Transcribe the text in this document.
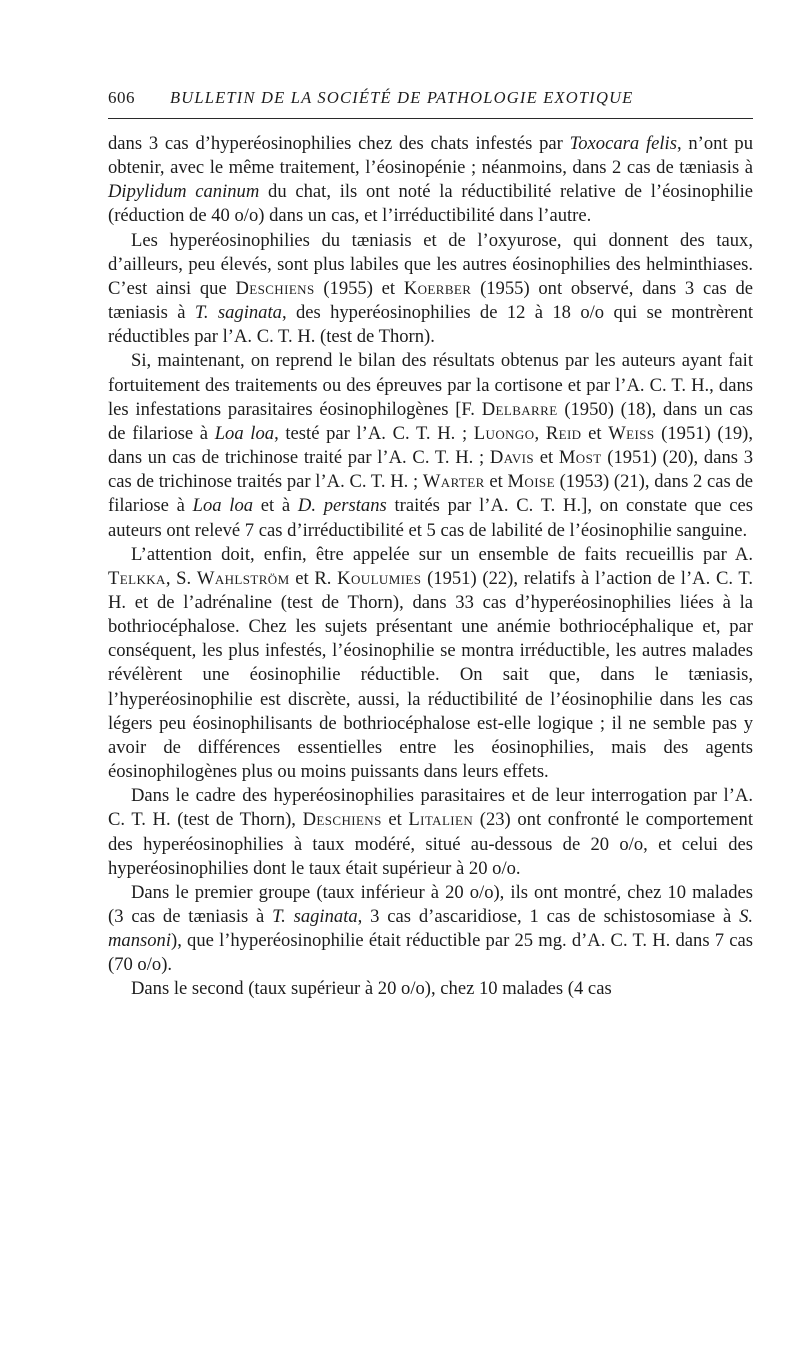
606 BULLETIN DE LA SOCIÉTÉ DE PATHOLOGIE EXOTIQUE

dans 3 cas d’hyperéosinophilies chez des chats infestés par Toxocara felis, n’ont pu obtenir, avec le même traitement, l’éosinopénie ; néanmoins, dans 2 cas de tæniasis à Dipylidum caninum du chat, ils ont noté la réductibilité relative de l’éosinophilie (réduction de 40 o/o) dans un cas, et l’irréductibilité dans l’autre.

Les hyperéosinophilies du tæniasis et de l’oxyurose, qui donnent des taux, d’ailleurs, peu élevés, sont plus labiles que les autres éosinophilies des helminthiases. C’est ainsi que Deschiens (1955) et Koerber (1955) ont observé, dans 3 cas de tæniasis à T. saginata, des hyperéosinophilies de 12 à 18 o/o qui se montrèrent réductibles par l’A. C. T. H. (test de Thorn).

Si, maintenant, on reprend le bilan des résultats obtenus par les auteurs ayant fait fortuitement des traitements ou des épreuves par la cortisone et par l’A. C. T. H., dans les infestations parasitaires éosinophilogènes [F. Delbarre (1950) (18), dans un cas de filariose à Loa loa, testé par l’A. C. T. H. ; Luongo, Reid et Weiss (1951) (19), dans un cas de trichinose traité par l’A. C. T. H. ; Davis et Most (1951) (20), dans 3 cas de trichinose traités par l’A. C. T. H. ; Warter et Moise (1953) (21), dans 2 cas de filariose à Loa loa et à D. perstans traités par l’A. C. T. H.], on constate que ces auteurs ont relevé 7 cas d’irréductibilité et 5 cas de labilité de l’éosinophilie sanguine.

L’attention doit, enfin, être appelée sur un ensemble de faits recueillis par A. Telkka, S. Wahlström et R. Koulumies (1951) (22), relatifs à l’action de l’A. C. T. H. et de l’adrénaline (test de Thorn), dans 33 cas d’hyperéosinophilies liées à la bothriocéphalose. Chez les sujets présentant une anémie bothriocéphalique et, par conséquent, les plus infestés, l’éosinophilie se montra irréductible, les autres malades révélèrent une éosinophilie réductible. On sait que, dans le tæniasis, l’hyperéosinophilie est discrète, aussi, la réductibilité de l’éosinophilie dans les cas légers peu éosinophilisants de bothriocéphalose est-elle logique ; il ne semble pas y avoir de différences essentielles entre les éosinophilies, mais des agents éosinophilogènes plus ou moins puissants dans leurs effets.

Dans le cadre des hyperéosinophilies parasitaires et de leur interrogation par l’A. C. T. H. (test de Thorn), Deschiens et Litalien (23) ont confronté le comportement des hyperéosinophilies à taux modéré, situé au-dessous de 20 o/o, et celui des hyperéosinophilies dont le taux était supérieur à 20 o/o.

Dans le premier groupe (taux inférieur à 20 o/o), ils ont montré, chez 10 malades (3 cas de tæniasis à T. saginata, 3 cas d’ascaridiose, 1 cas de schistosomiase à S. mansoni), que l’hyperéosinophilie était réductible par 25 mg. d’A. C. T. H. dans 7 cas (70 o/o).

Dans le second (taux supérieur à 20 o/o), chez 10 malades (4 cas
